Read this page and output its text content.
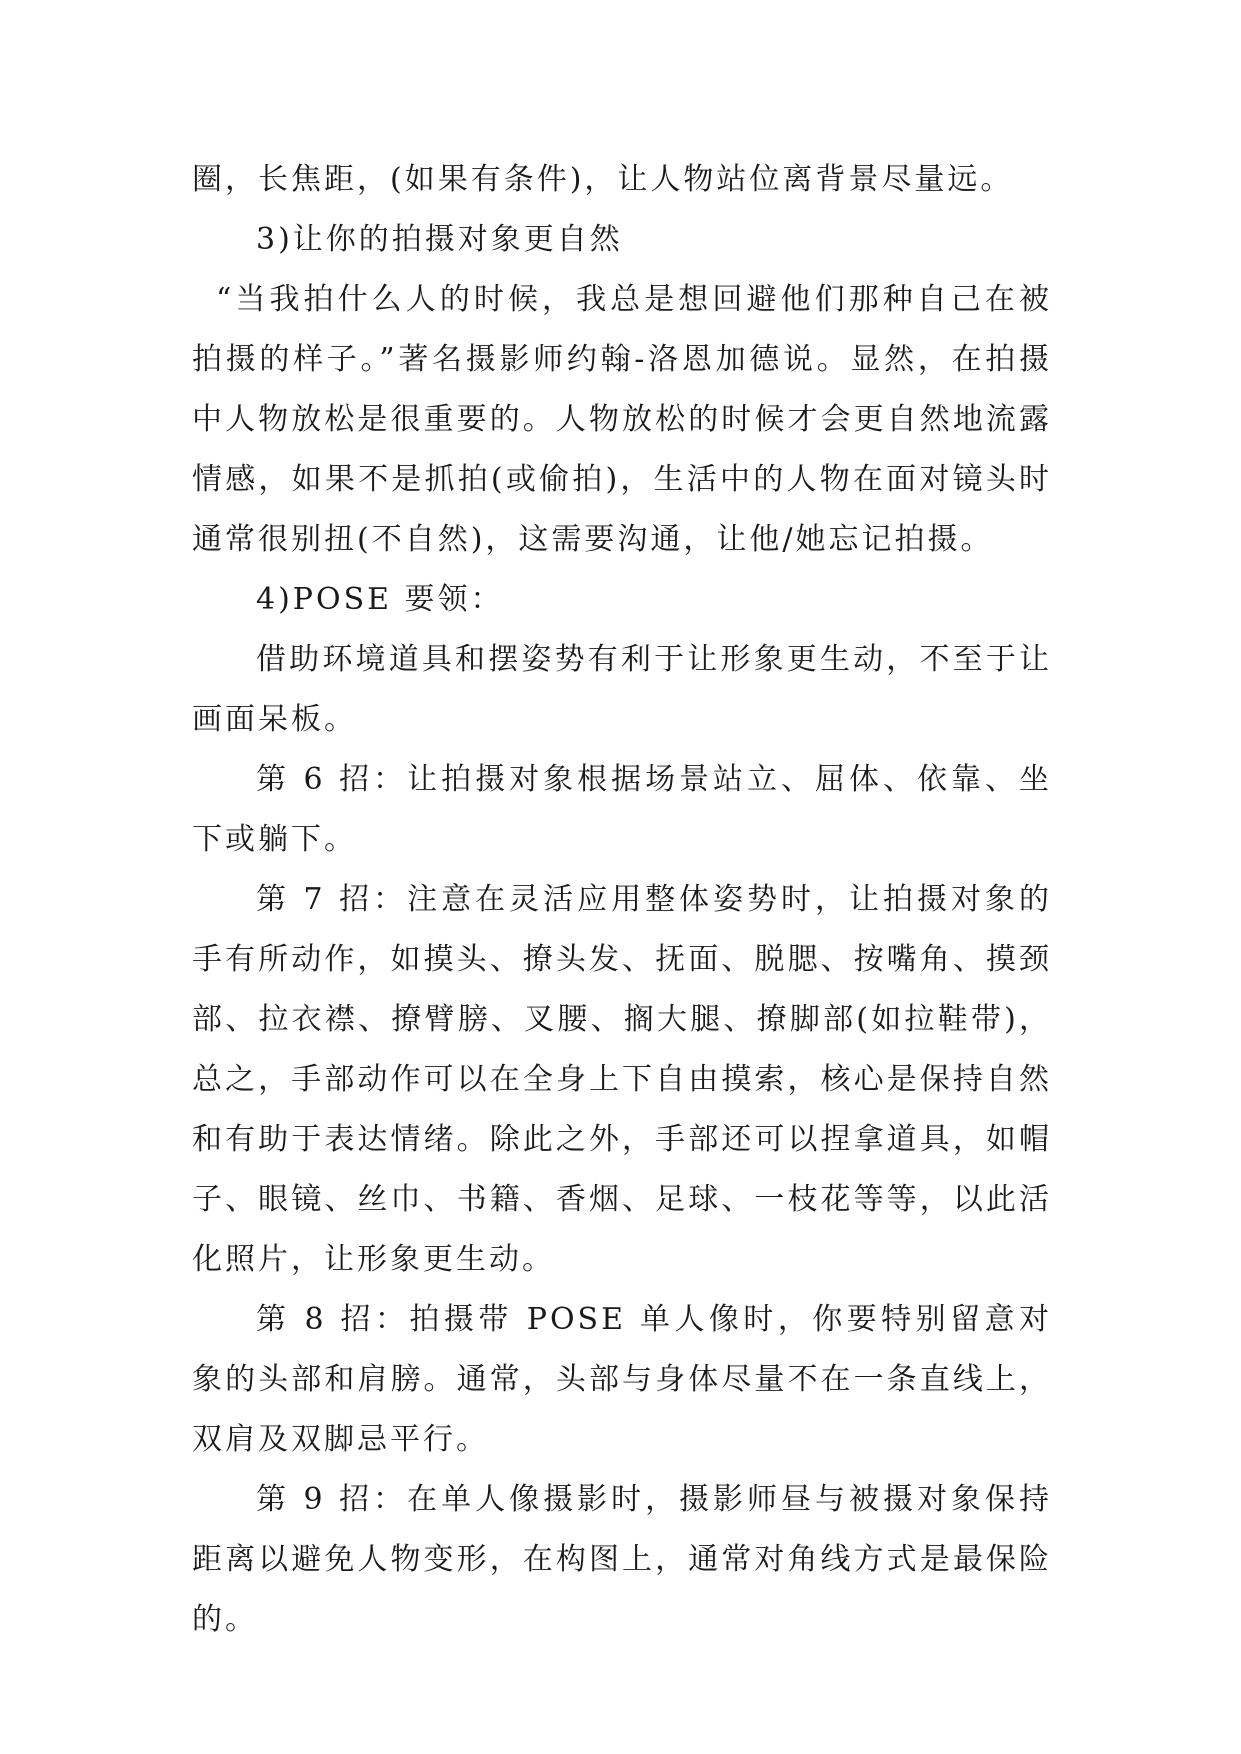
圈，长焦距，(如果有条件)，让人物站位离背景尽量远。

3)让你的拍摄对象更自然

“当我拍什么人的时候，我总是想回避他们那种自己在被拍摄的样子。”著名摄影师约翰-洛恩加德说。显然，在拍摄中人物放松是很重要的。人物放松的时候才会更自然地流露情感，如果不是抓拍(或偷拍)，生活中的人物在面对镜头时通常很别扭(不自然)，这需要沟通，让他/她忘记拍摄。

4)POSE 要领：

借助环境道具和摆姿势有利于让形象更生动，不至于让画面呆板。

第 6 招：让拍摄对象根据场景站立、屈体、依靠、坐下或躺下。

第 7 招：注意在灵活应用整体姿势时，让拍摄对象的手有所动作，如摸头、撩头发、抚面、脱腮、按嘴角、摸颈部、拉衣襟、撩臂膀、叉腰、搁大腿、撩脚部(如拉鞋带)，总之，手部动作可以在全身上下自由摸索，核心是保持自然和有助于表达情绪。除此之外，手部还可以捏拿道具，如帽子、眼镜、丝巾、书籍、香烟、足球、一枝花等等，以此活化照片，让形象更生动。

第 8 招：拍摄带 POSE 单人像时，你要特别留意对象的头部和肩膀。通常，头部与身体尽量不在一条直线上，双肩及双脚忌平行。

第 9 招：在单人像摄影时，摄影师昼与被摄对象保持距离以避免人物变形，在构图上，通常对角线方式是最保险的。
